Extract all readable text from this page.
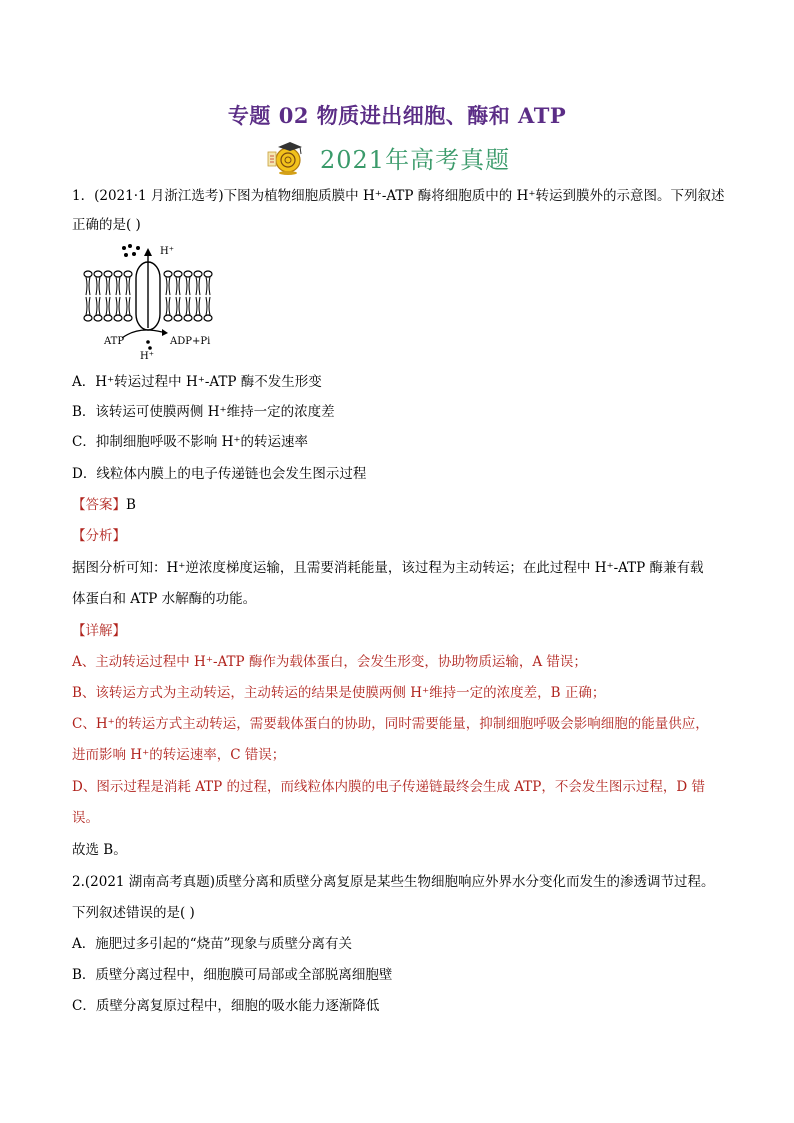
专题 02 物质进出细胞、酶和 ATP
2021年高考真题
1．(2021·1 月浙江选考)下图为植物细胞质膜中 H⁺-ATP 酶将细胞质中的 H⁺转运到膜外的示意图。下列叙述
正确的是( )
H⁺
ATP	ADP+Pi
H⁺
A．H⁺转运过程中 H⁺-ATP 酶不发生形变
B．该转运可使膜两侧 H⁺维持一定的浓度差
C．抑制细胞呼吸不影响 H⁺的转运速率
D．线粒体内膜上的电子传递链也会发生图示过程
【答案】B
【分析】
据图分析可知：H⁺逆浓度梯度运输，且需要消耗能量，该过程为主动转运；在此过程中 H⁺-ATP 酶兼有载
体蛋白和 ATP 水解酶的功能。
【详解】
A、主动转运过程中 H⁺-ATP 酶作为载体蛋白，会发生形变，协助物质运输，A 错误；
B、该转运方式为主动转运，主动转运的结果是使膜两侧 H⁺维持一定的浓度差，B 正确；
C、H⁺的转运方式主动转运，需要载体蛋白的协助，同时需要能量，抑制细胞呼吸会影响细胞的能量供应，
进而影响 H⁺的转运速率，C 错误；
D、图示过程是消耗 ATP 的过程，而线粒体内膜的电子传递链最终会生成 ATP，不会发生图示过程，D 错
误。
故选 B。
2.(2021 湖南高考真题)质壁分离和质壁分离复原是某些生物细胞响应外界水分变化而发生的渗透调节过程。
下列叙述错误的是( )
A．施肥过多引起的“烧苗”现象与质壁分离有关
B．质壁分离过程中，细胞膜可局部或全部脱离细胞壁
C．质壁分离复原过程中，细胞的吸水能力逐渐降低
